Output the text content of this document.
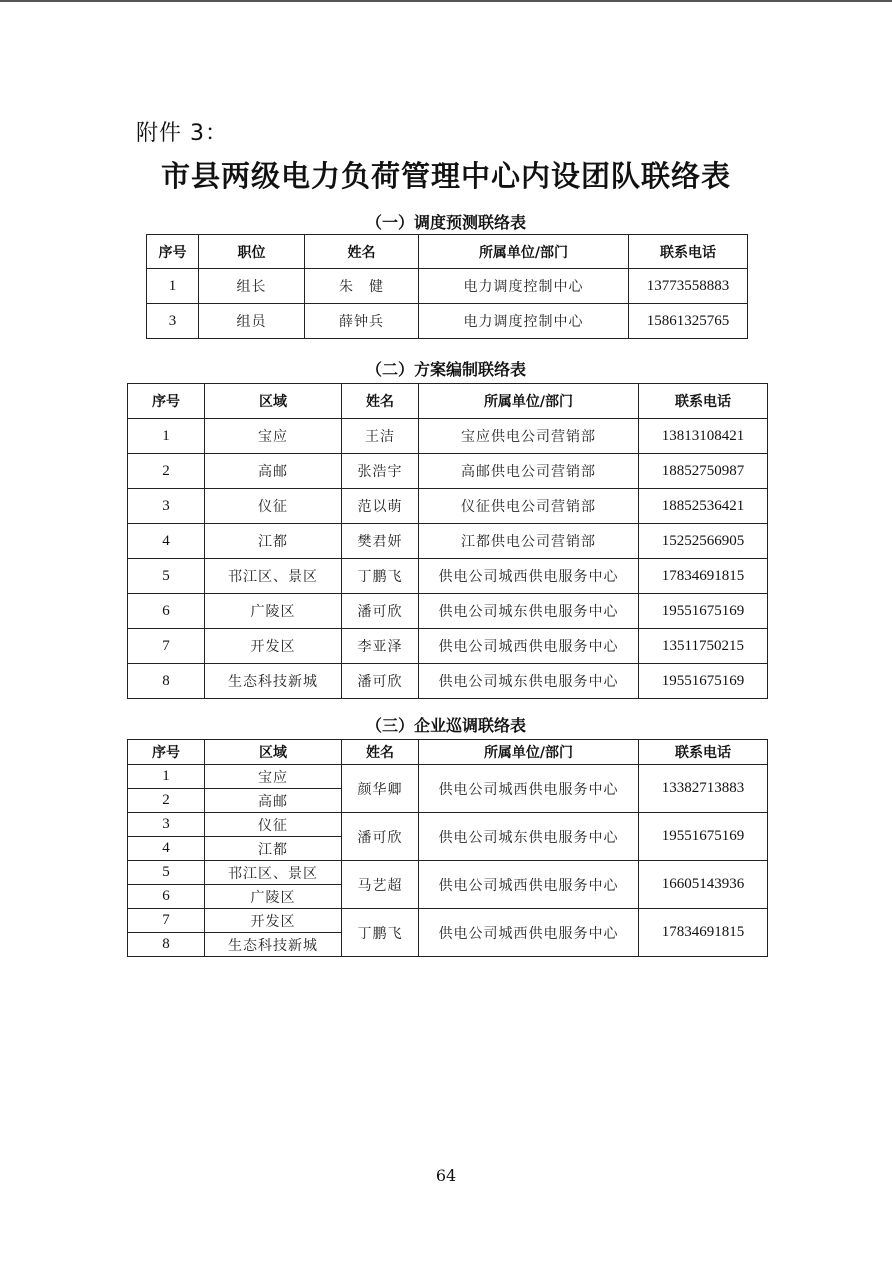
附件 3：
市县两级电力负荷管理中心内设团队联络表
（一）调度预测联络表
序号	职位	姓名	所属单位/部门	联系电话
1	组长	朱　健	电力调度控制中心	13773558883
3	组员	薛钟兵	电力调度控制中心	15861325765
（二）方案编制联络表
序号	区域	姓名	所属单位/部门	联系电话
1	宝应	王洁	宝应供电公司营销部	13813108421
2	高邮	张浩宇	高邮供电公司营销部	18852750987
3	仪征	范以萌	仪征供电公司营销部	18852536421
4	江都	樊君妍	江都供电公司营销部	15252566905
5	邗江区、景区	丁鹏飞	供电公司城西供电服务中心	17834691815
6	广陵区	潘可欣	供电公司城东供电服务中心	19551675169
7	开发区	李亚泽	供电公司城西供电服务中心	13511750215
8	生态科技新城	潘可欣	供电公司城东供电服务中心	19551675169
（三）企业巡调联络表
序号	区域	姓名	所属单位/部门	联系电话
1	宝应	颜华卿	供电公司城西供电服务中心	13382713883
2	高邮			
3	仪征	潘可欣	供电公司城东供电服务中心	19551675169
4	江都			
5	邗江区、景区	马艺超	供电公司城西供电服务中心	16605143936
6	广陵区			
7	开发区	丁鹏飞	供电公司城西供电服务中心	17834691815
8	生态科技新城			
64
